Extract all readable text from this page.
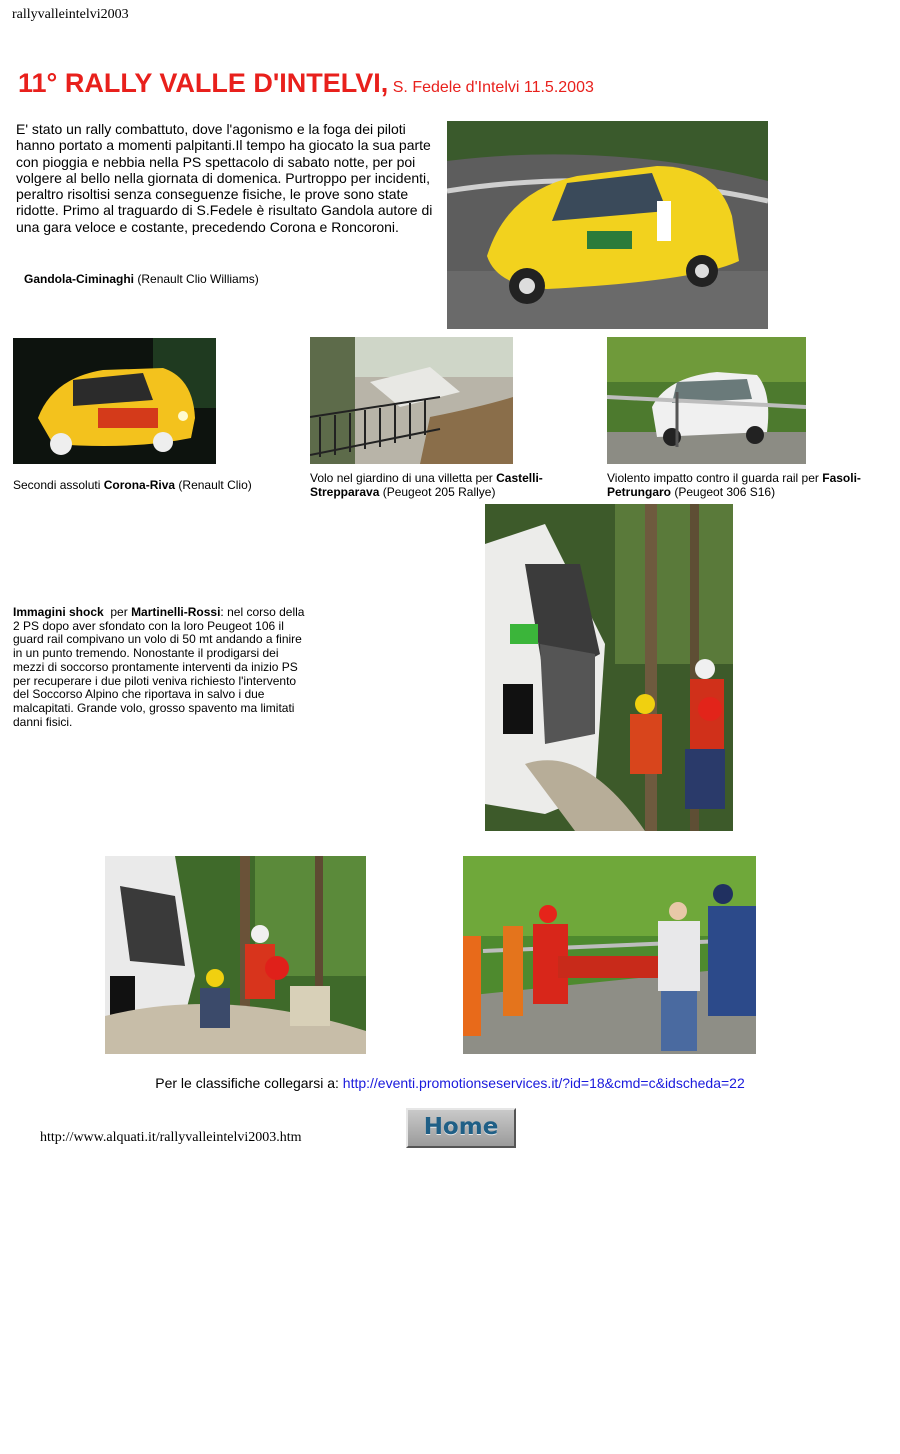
rallyvalleintelvi2003
11° RALLY VALLE D'INTELVI, S. Fedele d'Intelvi 11.5.2003
E' stato un rally combattuto, dove l'agonismo e la foga dei piloti hanno portato a momenti palpitanti.Il tempo ha giocato la sua parte con pioggia e nebbia nella PS spettacolo di sabato notte, per poi volgere al bello nella giornata di domenica. Purtroppo per incidenti, peraltro risoltisi senza conseguenze fisiche, le prove sono state ridotte. Primo al traguardo di S.Fedele è risultato Gandola autore di una gara veloce e costante, precedendo Corona e Roncoroni.
Gandola-Ciminaghi (Renault Clio Williams)
Secondi assoluti Corona-Riva (Renault Clio)	Volo nel giardino di una villetta per Castelli-Strepparava (Peugeot 205 Rallye)
Violento impatto contro il guarda rail per Fasoli-Petrungaro (Peugeot 306 S16)
Immagini shock  per Martinelli-Rossi: nel corso della 2 PS dopo aver sfondato con la loro Peugeot 106 il guard rail compivano un volo di 50 mt andando a finire in un punto tremendo. Nonostante il prodigarsi dei mezzi di soccorso prontamente interventi da inizio PS per recuperare i due piloti veniva richiesto l'intervento del Soccorso Alpino che riportava in salvo i due malcapitati. Grande volo, grosso spavento ma limitati danni fisici.
Per le classifiche collegarsi a: http://eventi.promotionseservices.it/?id=18&cmd=c&idscheda=22
http://www.alquati.it/rallyvalleintelvi2003.htm	Home
